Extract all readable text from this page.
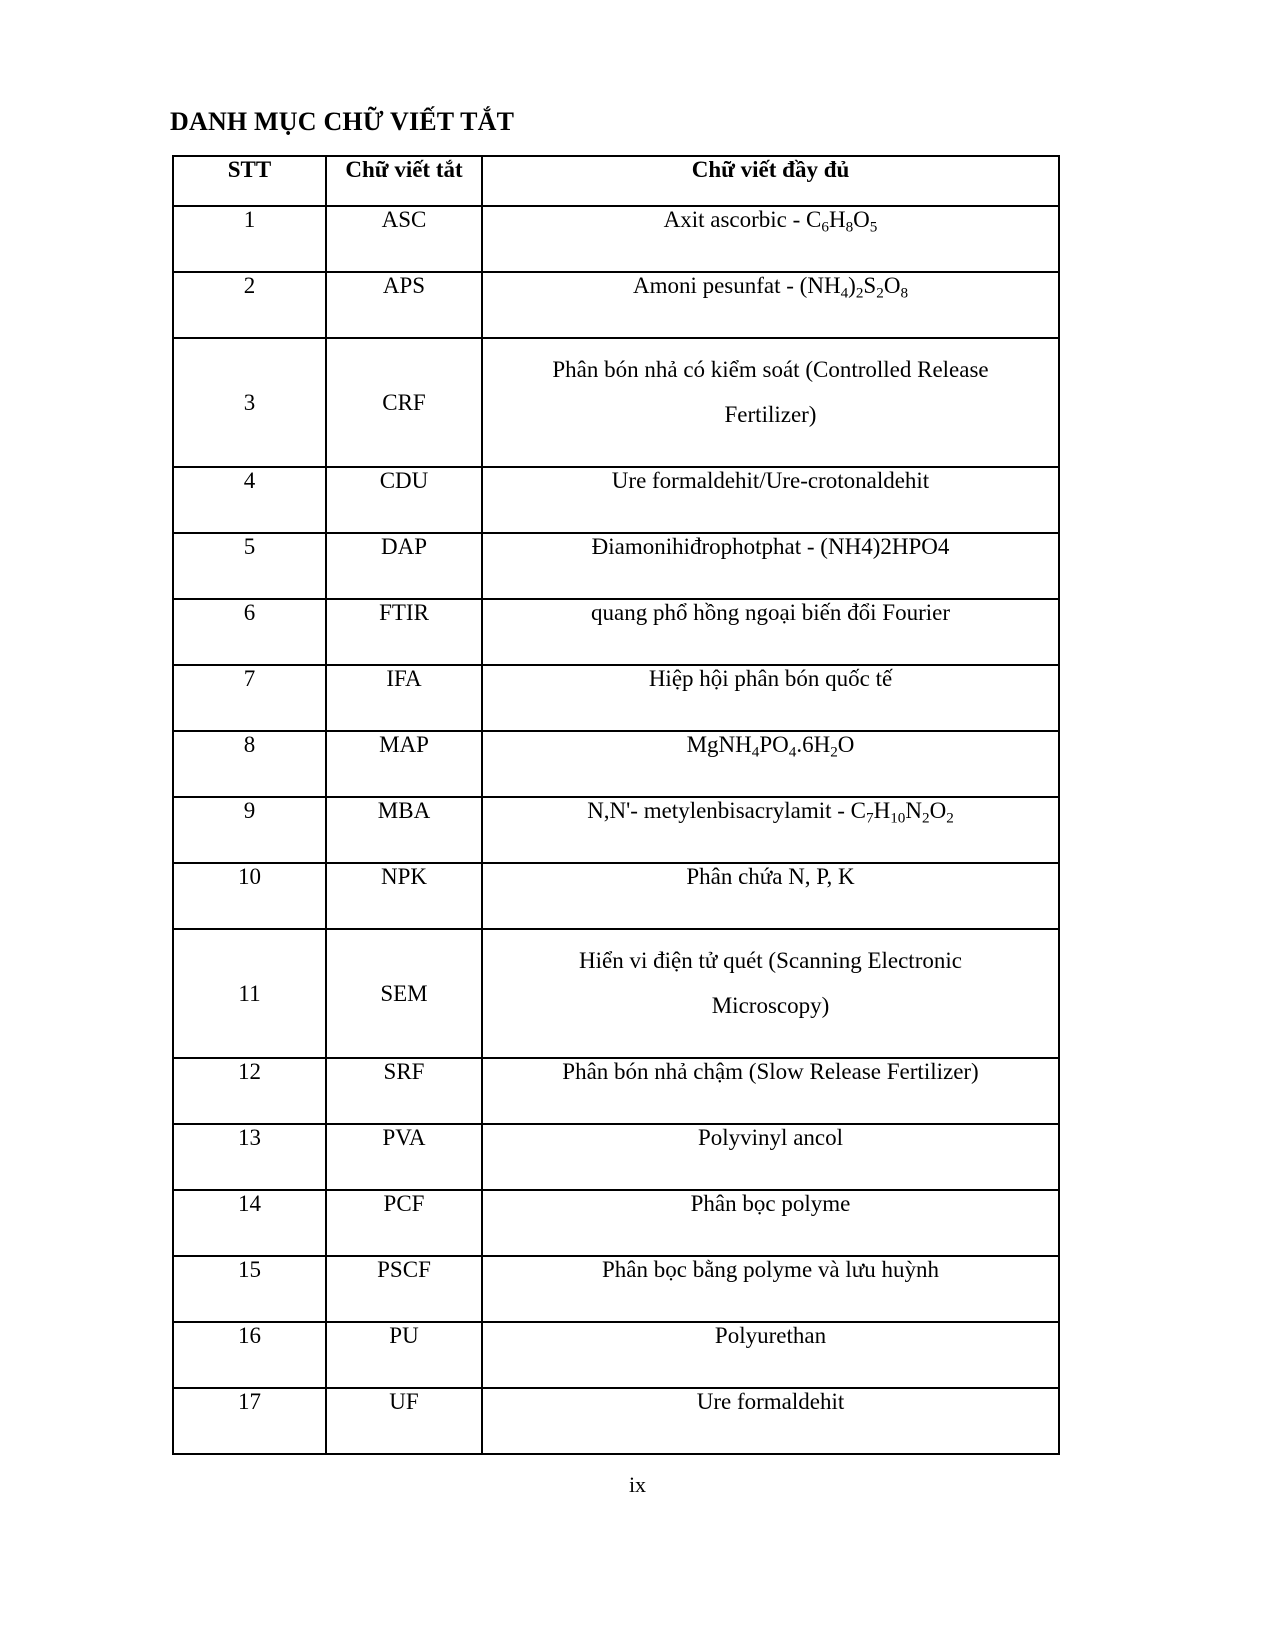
DANH MỤC CHỮ VIẾT TẮT
STT	Chữ viết tắt	Chữ viết đầy đủ
1	ASC	Axit ascorbic - $C_6H_8O_5$
2	APS	Amoni pesunfat - $(NH_4)_2S_2O_8$
3	CRF	Phân bón nhả có kiểm soát (Controlled Release
Fertilizer)
4	CDU	Ure formaldehit/Ure-crotonaldehit
5	DAP	Điamonihiđrophotphat - (NH4)2HPO4
6	FTIR	quang phổ hồng ngoại biến đổi Fourier
7	IFA	Hiệp hội phân bón quốc tế
8	MAP	$MgNH_4PO_4.6H_2O$
9	MBA	N,N'- metylenbisacrylamit - $C_7H_{10}N_2O_2$
10	NPK	Phân chứa N, P, K
11	SEM	Hiển vi điện tử quét (Scanning Electronic
Microscopy)
12	SRF	Phân bón nhả chậm (Slow Release Fertilizer)
13	PVA	Polyvinyl ancol
14	PCF	Phân bọc polyme
15	PSCF	Phân bọc bằng polyme và lưu huỳnh
16	PU	Polyurethan
17	UF	Ure formaldehit
ix
